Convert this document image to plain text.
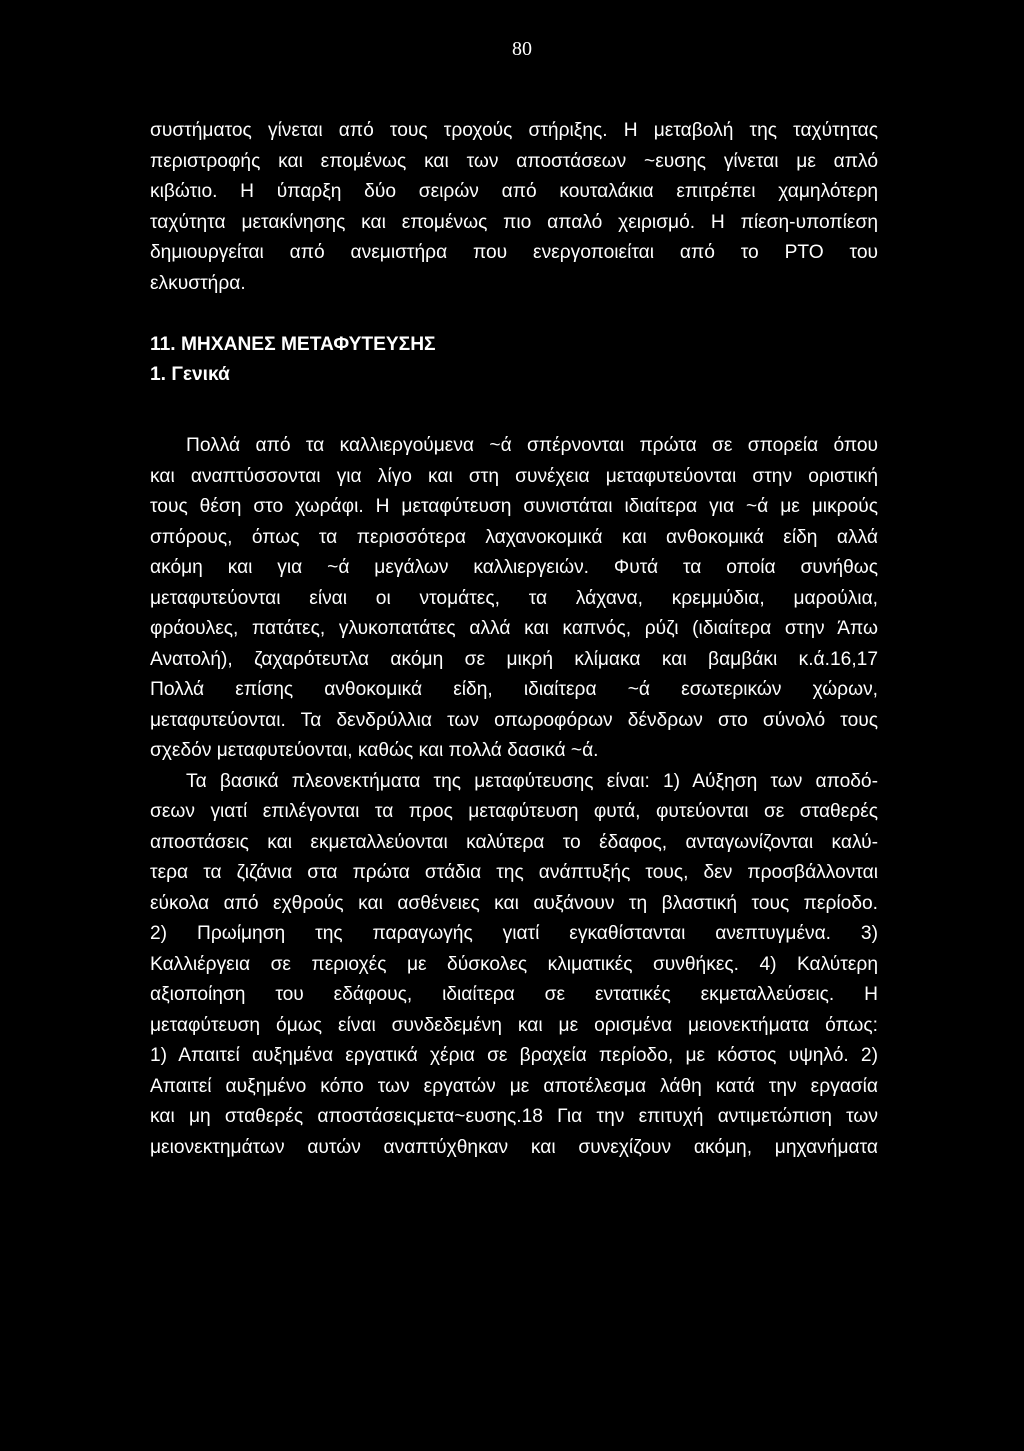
80
συστήματος γίνεται από τους τροχούς στήριξης. Η μεταβολή της ταχύτητας
περιστροφής και επομένως και των αποστάσεων ~ευσης γίνεται με απλό
κιβώτιο. Η ύπαρξη δύο σειρών από κουταλάκια επιτρέπει χαμηλότερη
ταχύτητα μετακίνησης και επομένως πιο απαλό χειρισμό. Η πίεση-υποπίεση
δημιουργείται από ανεμιστήρα που ενεργοποιείται από το PTO του
ελκυστήρα.
11. ΜΗΧΑΝΕΣ ΜΕΤΑΦΥΤΕΥΣΗΣ
1. Γενικά
Πολλά από τα καλλιεργούμενα ~ά σπέρνονται πρώτα σε σπορεία όπου
και αναπτύσσονται για λίγο και στη συνέχεια μεταφυτεύονται στην οριστική
τους θέση στο χωράφι. Η μεταφύτευση συνιστάται ιδιαίτερα για ~ά με μικρούς
σπόρους, όπως τα περισσότερα λαχανοκομικά και ανθοκομικά είδη αλλά
ακόμη και για ~ά μεγάλων καλλιεργειών. Φυτά τα οποία συνήθως
μεταφυτεύονται είναι οι ντομάτες, τα λάχανα, κρεμμύδια, μαρούλια,
φράουλες, πατάτες, γλυκοπατάτες αλλά και καπνός, ρύζι (ιδιαίτερα στην Άπω
Ανατολή), ζαχαρότευτλα ακόμη σε μικρή κλίμακα και βαμβάκι κ.ά.16,17
Πολλά επίσης ανθοκομικά είδη, ιδιαίτερα ~ά εσωτερικών χώρων,
μεταφυτεύονται. Τα δενδρύλλια των οπωροφόρων δένδρων στο σύνολό τους
σχεδόν μεταφυτεύονται, καθώς και πολλά δασικά ~ά.
Τα βασικά πλεονεκτήματα της μεταφύτευσης είναι: 1) Αύξηση των αποδό-
σεων γιατί επιλέγονται τα προς μεταφύτευση φυτά, φυτεύονται σε σταθερές
αποστάσεις και εκμεταλλεύονται καλύτερα το έδαφος, ανταγωνίζονται καλύ-
τερα τα ζιζάνια στα πρώτα στάδια της ανάπτυξής τους, δεν προσβάλλονται
εύκολα από εχθρούς και ασθένειες και αυξάνουν τη βλαστική τους περίοδο.
2) Πρωίμηση της παραγωγής γιατί εγκαθίστανται ανεπτυγμένα. 3)
Καλλιέργεια σε περιοχές με δύσκολες κλιματικές συνθήκες. 4) Καλύτερη
αξιοποίηση του εδάφους, ιδιαίτερα σε εντατικές εκμεταλλεύσεις. Η
μεταφύτευση όμως είναι συνδεδεμένη και με ορισμένα μειονεκτήματα όπως:
1) Απαιτεί αυξημένα εργατικά χέρια σε βραχεία περίοδο, με κόστος υψηλό. 2)
Απαιτεί αυξημένο κόπο των εργατών με αποτέλεσμα λάθη κατά την εργασία
και μη σταθερές αποστάσειςμετα~ευσης.18 Για την επιτυχή αντιμετώπιση των
μειονεκτημάτων αυτών αναπτύχθηκαν και συνεχίζουν ακόμη, μηχανήματα
